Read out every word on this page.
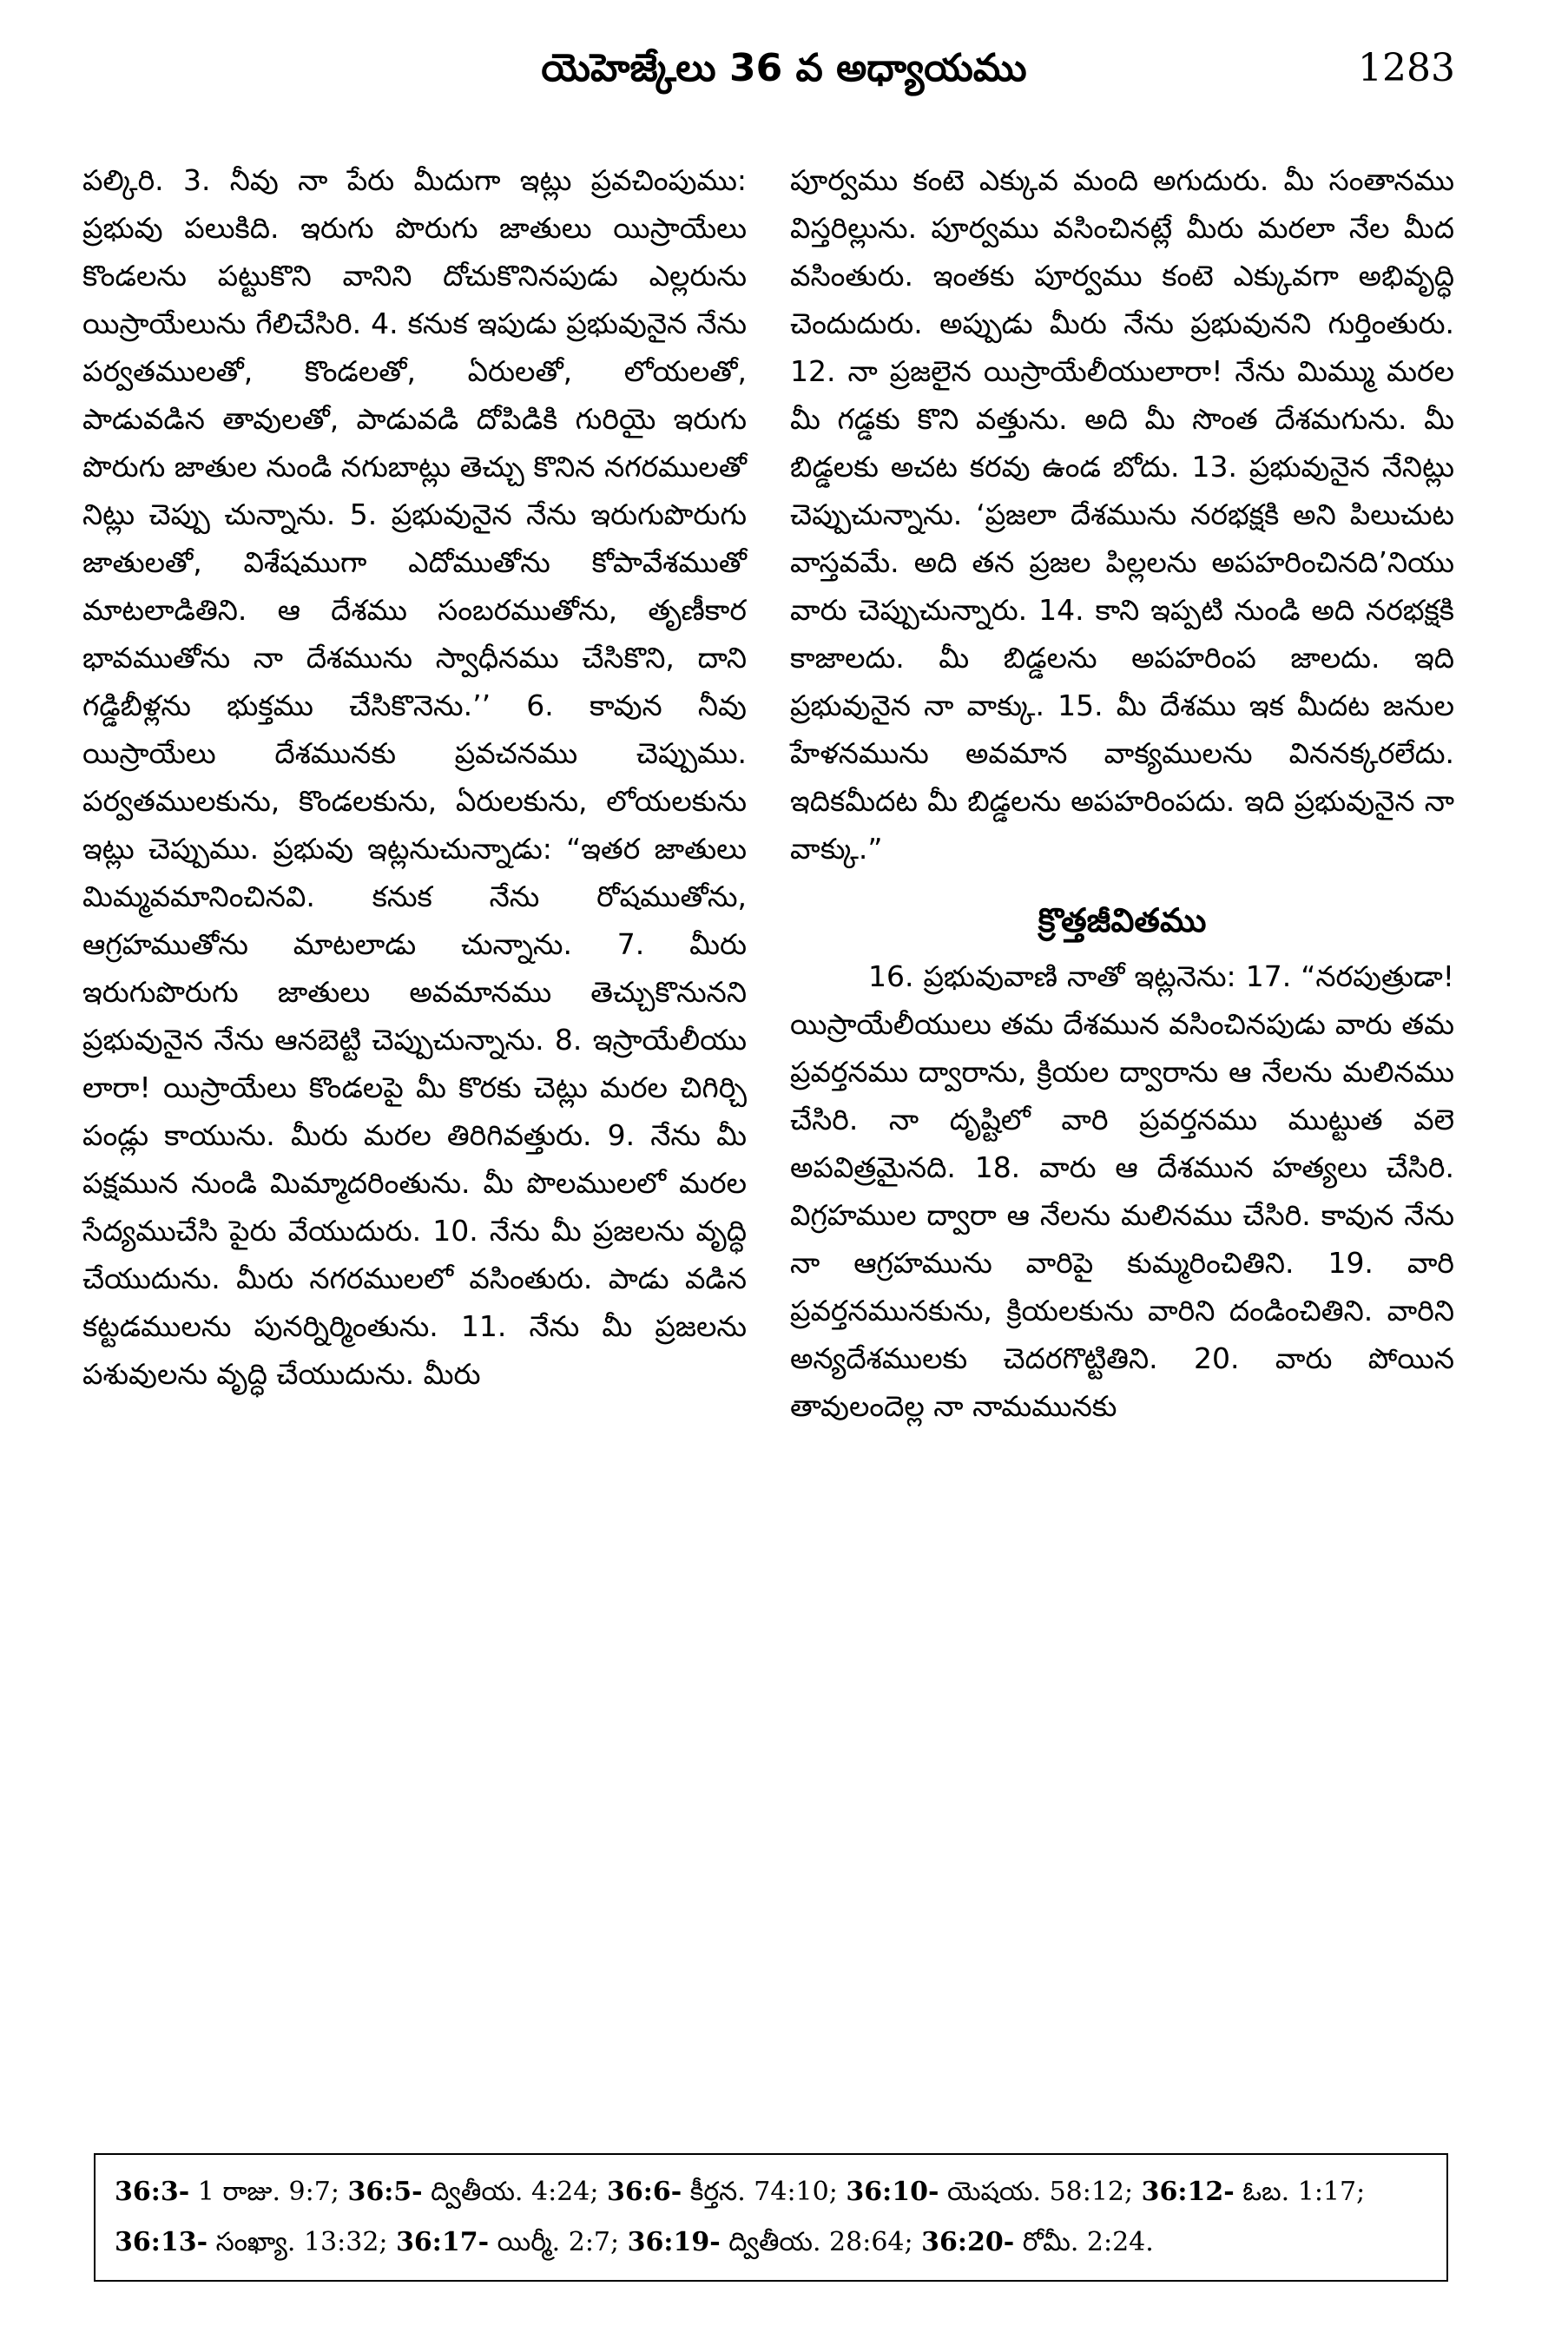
యెహెజ్కేలు 36 వ అధ్యాయము	1283

పల్కిరి. 3. నీవు నా పేరు మీదుగా ఇట్లు ప్రవచింపుము: ప్రభువు పలుకిది. ఇరుగు పొరుగు జాతులు యిస్రాయేలు కొండలను పట్టుకొని వానిని దోచుకొనినపుడు ఎల్లరును యిస్రాయేలును గేలిచేసిరి. 4. కనుక ఇపుడు ప్రభువునైన నేను పర్వతములతో, కొండలతో, ఏరులతో, లోయలతో, పాడువడిన తావులతో, పాడువడి దోపిడికి గురియై ఇరుగు పొరుగు జాతుల నుండి నగుబాట్లు తెచ్చు కొనిన నగరములతో నిట్లు చెప్పు చున్నాను. 5. ప్రభువునైన నేను ఇరుగుపొరుగు జాతులతో, విశేషముగా ఎదోముతోను కోపావేశముతో మాటలాడితిని. ఆ దేశము సంబరముతోను, తృణీకార భావముతోను నా దేశమును స్వాధీనము చేసికొని, దాని గడ్డిబీళ్లను భుక్తము చేసికొనెను.’’ 6. కావున నీవు యిస్రాయేలు దేశమునకు ప్రవచనము చెప్పుము. పర్వతములకును, కొండలకును, ఏరులకును, లోయలకును ఇట్లు చెప్పుము. ప్రభువు ఇట్లనుచున్నాడు: “ఇతర జాతులు మిమ్మవమానించినవి. కనుక నేను రోషముతోను, ఆగ్రహముతోను మాటలాడు చున్నాను. 7. మీరు ఇరుగుపొరుగు జాతులు అవమానము తెచ్చుకొనునని ప్రభువునైన నేను ఆనబెట్టి చెప్పుచున్నాను. 8. ఇస్రాయేలీయు లారా! యిస్రాయేలు కొండలపై మీ కొరకు చెట్లు మరల చిగిర్చి పండ్లు కాయును. మీరు మరల తిరిగివత్తురు. 9. నేను మీ పక్షమున నుండి మిమ్మాదరింతును. మీ పొలములలో మరల సేద్యముచేసి పైరు వేయుదురు. 10. నేను మీ ప్రజలను వృద్ధి చేయుదును. మీరు నగరములలో వసింతురు. పాడు వడిన కట్టడములను పునర్నిర్మింతును. 11. నేను మీ ప్రజలను పశువులను వృద్ధి చేయుదును. మీరు

పూర్వము కంటె ఎక్కువ మంది అగుదురు. మీ సంతానము విస్తరిల్లును. పూర్వము వసించినట్లే మీరు మరలా నేల మీద వసింతురు. ఇంతకు పూర్వము కంటె ఎక్కువగా అభివృద్ధి చెందుదురు. అప్పుడు మీరు నేను ప్రభువునని గుర్తింతురు. 12. నా ప్రజలైన యిస్రాయేలీయులారా! నేను మిమ్ము మరల మీ గడ్డకు కొని వత్తును. అది మీ సొంత దేశమగును. మీ బిడ్డలకు అచట కరవు ఉండ బోదు. 13. ప్రభువునైన నేనిట్లు చెప్పుచున్నాను. ‘ప్రజలా దేశమును నరభక్షకి అని పిలుచుట వాస్తవమే. అది తన ప్రజల పిల్లలను అపహరించినది’నియు వారు చెప్పుచున్నారు. 14. కాని ఇప్పటి నుండి అది నరభక్షకి కాజాలదు. మీ బిడ్డలను అపహరింప జాలదు. ఇది ప్రభువునైన నా వాక్కు. 15. మీ దేశము ఇక మీదట జనుల హేళనమును అవమాన వాక్యములను విననక్కరలేదు. ఇదికమీదట మీ బిడ్డలను అపహరింపదు. ఇది ప్రభువునైన నా వాక్కు.”

క్రొత్తజీవితము

16. ప్రభువువాణి నాతో ఇట్లనెను: 17. “నరపుత్రుడా! యిస్రాయేలీయులు తమ దేశమున వసించినపుడు వారు తమ ప్రవర్తనము ద్వారాను, క్రియల ద్వారాను ఆ నేలను మలినము చేసిరి. నా దృష్టిలో వారి ప్రవర్తనము ముట్టుత వలె అపవిత్రమైనది. 18. వారు ఆ దేశమున హత్యలు చేసిరి. విగ్రహముల ద్వారా ఆ నేలను మలినము చేసిరి. కావున నేను నా ఆగ్రహమును వారిపై కుమ్మరించితిని. 19. వారి ప్రవర్తనమునకును, క్రియలకును వారిని దండించితిని. వారిని అన్యదేశములకు చెదరగొట్టితిని. 20. వారు పోయిన తావులందెల్ల నా నామమునకు

36:3- 1 రాజు. 9:7; 36:5- ద్వితీయ. 4:24; 36:6- కీర్తన. 74:10; 36:10- యెషయ. 58:12; 36:12- ఓబ. 1:17; 36:13- సంఖ్యా. 13:32; 36:17- యిర్మీ. 2:7; 36:19- ద్వితీయ. 28:64; 36:20- రోమీ. 2:24.
